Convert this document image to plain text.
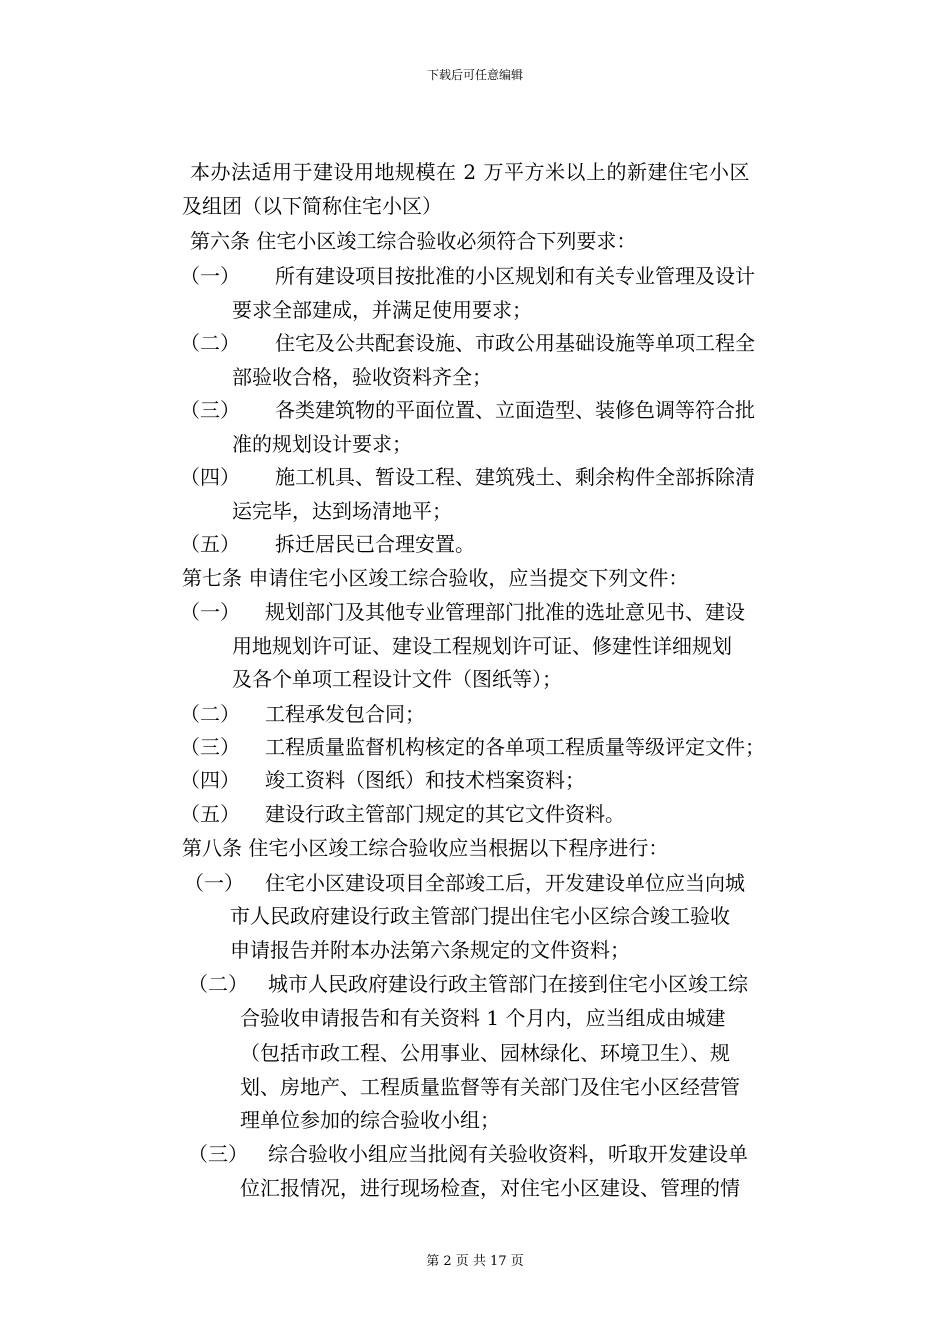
下载后可任意编辑
本办法适用于建设用地规模在 2 万平方米以上的新建住宅小区
及组团（以下简称住宅小区）
第六条 住宅小区竣工综合验收必须符合下列要求：
（一） 所有建设项目按批准的小区规划和有关专业管理及设计
要求全部建成，并满足使用要求；
（二） 住宅及公共配套设施、市政公用基础设施等单项工程全
部验收合格，验收资料齐全；
（三） 各类建筑物的平面位置、立面造型、装修色调等符合批
准的规划设计要求；
（四） 施工机具、暂设工程、建筑残土、剩余构件全部拆除清
运完毕，达到场清地平；
（五） 拆迁居民已合理安置。
第七条 申请住宅小区竣工综合验收，应当提交下列文件：
（一） 规划部门及其他专业管理部门批准的选址意见书、建设
用地规划许可证、建设工程规划许可证、修建性详细规划
及各个单项工程设计文件（图纸等）；
（二） 工程承发包合同；
（三） 工程质量监督机构核定的各单项工程质量等级评定文件；
（四） 竣工资料（图纸）和技术档案资料；
（五） 建设行政主管部门规定的其它文件资料。
第八条 住宅小区竣工综合验收应当根据以下程序进行：
（一） 住宅小区建设项目全部竣工后，开发建设单位应当向城
市人民政府建设行政主管部门提出住宅小区综合竣工验收
申请报告并附本办法第六条规定的文件资料；
（二） 城市人民政府建设行政主管部门在接到住宅小区竣工综
合验收申请报告和有关资料 1 个月内，应当组成由城建
（包括市政工程、公用事业、园林绿化、环境卫生）、规
划、房地产、工程质量监督等有关部门及住宅小区经营管
理单位参加的综合验收小组；
（三） 综合验收小组应当批阅有关验收资料，听取开发建设单
位汇报情况，进行现场检查，对住宅小区建设、管理的情
第 2 页 共 17 页
